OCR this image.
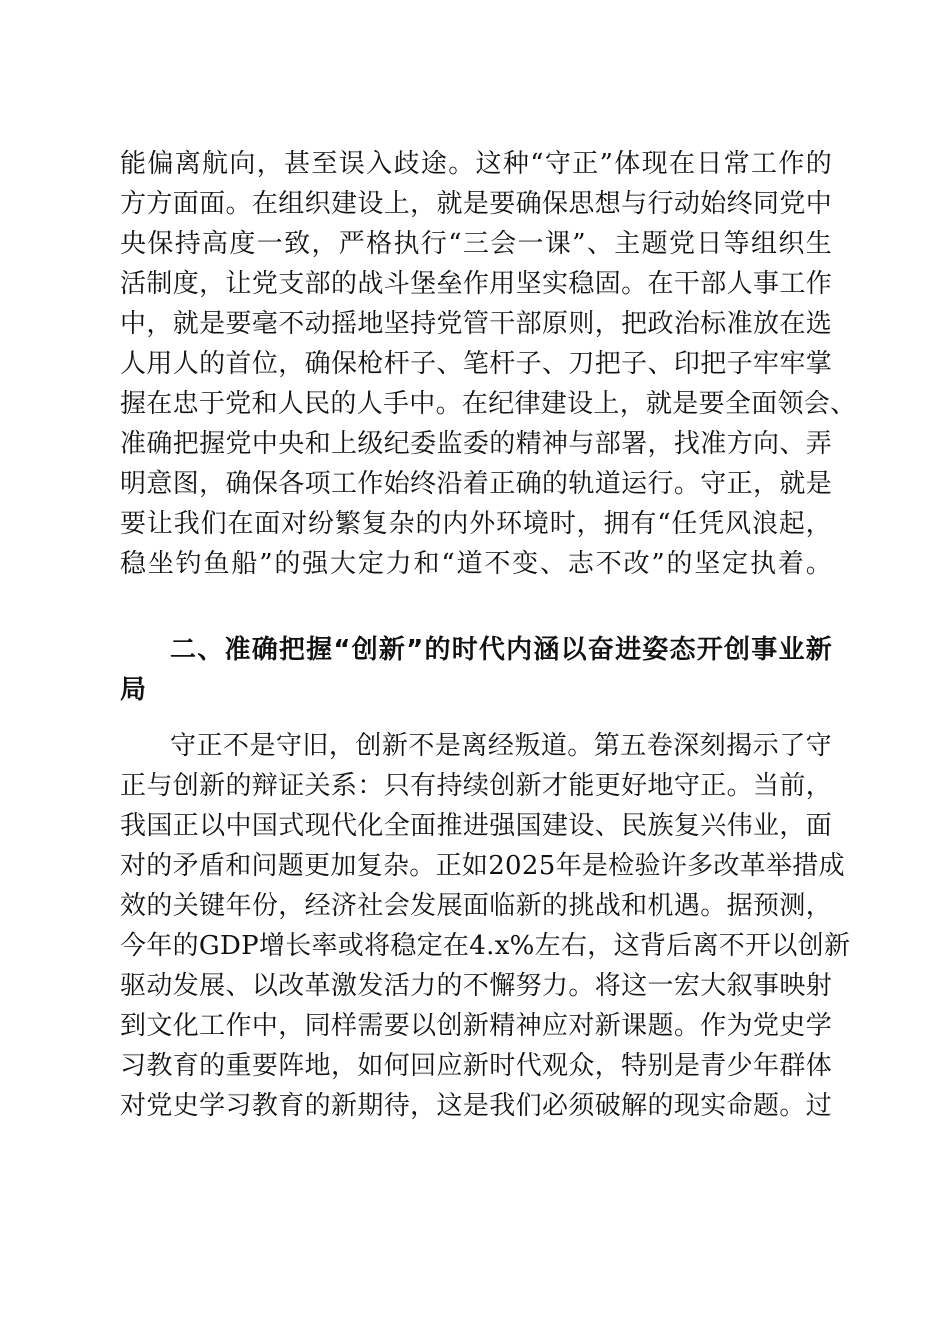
能偏离航向，甚至误入歧途。这种“守正”体现在日常工作的
方方面面。在组织建设上，就是要确保思想与行动始终同党中
央保持高度一致，严格执行“三会一课”、主题党日等组织生
活制度，让党支部的战斗堡垒作用坚实稳固。在干部人事工作
中，就是要毫不动摇地坚持党管干部原则，把政治标准放在选
人用人的首位，确保枪杆子、笔杆子、刀把子、印把子牢牢掌
握在忠于党和人民的人手中。在纪律建设上，就是要全面领会、
准确把握党中央和上级纪委监委的精神与部署，找准方向、弄
明意图，确保各项工作始终沿着正确的轨道运行。守正，就是
要让我们在面对纷繁复杂的内外环境时，拥有“任凭风浪起，
稳坐钓鱼船”的强大定力和“道不变、志不改”的坚定执着。
二、准确把握“创新”的时代内涵以奋进姿态开创事业新
局
守正不是守旧，创新不是离经叛道。第五卷深刻揭示了守
正与创新的辩证关系：只有持续创新才能更好地守正。当前，
我国正以中国式现代化全面推进强国建设、民族复兴伟业，面
对的矛盾和问题更加复杂。正如2025年是检验许多改革举措成
效的关键年份，经济社会发展面临新的挑战和机遇。据预测，
今年的GDP增长率或将稳定在4.x%左右，这背后离不开以创新
驱动发展、以改革激发活力的不懈努力。将这一宏大叙事映射
到文化工作中，同样需要以创新精神应对新课题。作为党史学
习教育的重要阵地，如何回应新时代观众，特别是青少年群体
对党史学习教育的新期待，这是我们必须破解的现实命题。过
